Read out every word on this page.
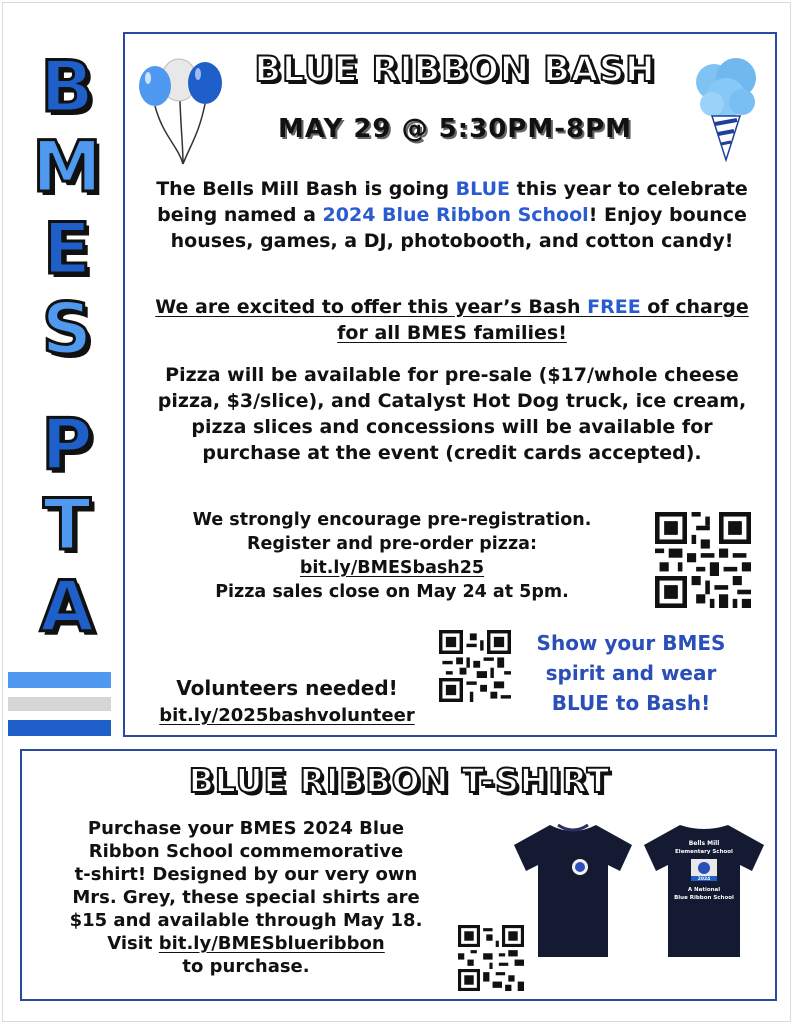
B
M
E
S
P
T
A
BLUE RIBBON BASH
MAY 29 @ 5:30PM-8PM
The Bells Mill Bash is going BLUE this year to celebrate being named a 2024 Blue Ribbon School! Enjoy bounce houses, games, a DJ, photobooth, and cotton candy!
We are excited to offer this year’s Bash FREE of charge for all BMES families!
Pizza will be available for pre-sale ($17/whole cheese pizza, $3/slice), and Catalyst Hot Dog truck, ice cream, pizza slices and concessions will be available for purchase at the event (credit cards accepted).
We strongly encourage pre-registration.
Register and pre-order pizza:
bit.ly/BMESbash25
Pizza sales close on May 24 at 5pm.
Volunteers needed!
bit.ly/2025bashvolunteer
Show your BMES
spirit and wear
BLUE to Bash!
BLUE RIBBON T-SHIRT
Purchase your BMES 2024 Blue
Ribbon School commemorative
t-shirt! Designed by our very own
Mrs. Grey, these special shirts are
$15 and available through May 18.
Visit bit.ly/BMESblueribbon
to purchase.
Bells Mill
Elementary School
2024
A National
Blue Ribbon School
